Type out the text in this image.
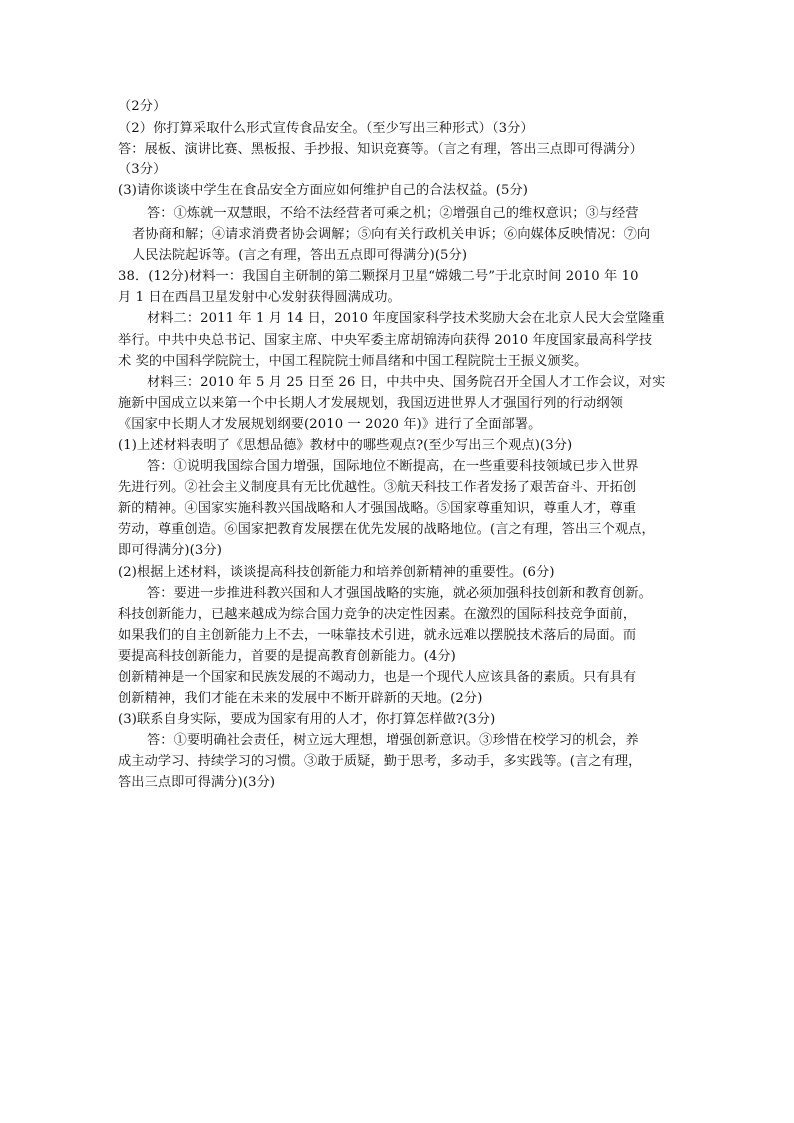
（2分）
（2）你打算采取什么形式宣传食品安全。（至少写出三种形式）（3分）
答：展板、演讲比赛、黑板报、手抄报、知识竞赛等。（言之有理，答出三点即可得满分）
（3分）
(3)请你谈谈中学生在食品安全方面应如何维护自己的合法权益。(5分)
答：①炼就一双慧眼，不给不法经营者可乘之机；②增强自己的维权意识；③与经营
者协商和解；④请求消费者协会调解；⑤向有关行政机关申诉；⑥向媒体反映情况：⑦向
人民法院起诉等。(言之有理，答出五点即可得满分)(5分)
38．(12分)材料一：我国自主研制的第二颗探月卫星“嫦娥二号”于北京时间 2010 年 10
月 1 日在西昌卫星发射中心发射获得圆满成功。
材料二：2011 年 1 月 14 日，2010 年度国家科学技术奖励大会在北京人民大会堂隆重
举行。中共中央总书记、国家主席、中央军委主席胡锦涛向获得 2010 年度国家最高科学技
术 奖的中国科学院院士，中国工程院院士师昌绪和中国工程院院士王振义颁奖。
材料三：2010 年 5 月 25 日至 26 日，中共中央、国务院召开全国人才工作会议，对实
施新中国成立以来第一个中长期人才发展规划，我国迈进世界人才强国行列的行动纲领
《国家中长期人才发展规划纲要(2010 一 2020 年)》进行了全面部署。
(1)上述材料表明了《思想品德》教材中的哪些观点?(至少写出三个观点)(3分)
答：①说明我国综合国力增强，国际地位不断提高，在一些重要科技领域已步入世界
先进行列。②社会主义制度具有无比优越性。③航天科技工作者发扬了艰苦奋斗、开拓创
新的精神。④国家实施科教兴国战略和人才强国战略。⑤国家尊重知识，尊重人才，尊重
劳动，尊重创造。⑥国家把教育发展摆在优先发展的战略地位。(言之有理，答出三个观点，
即可得满分)(3分)
(2)根据上述材料，谈谈提高科技创新能力和培养创新精神的重要性。(6分)
答：要进一步推进科教兴国和人才强国战略的实施，就必须加强科技创新和教育创新。
科技创新能力，已越来越成为综合国力竞争的决定性因素。在激烈的国际科技竞争面前，
如果我们的自主创新能力上不去，一味靠技术引进，就永远难以摆脱技术落后的局面。而
要提高科技创新能力，首要的是提高教育创新能力。(4分)
创新精神是一个国家和民族发展的不竭动力，也是一个现代人应该具备的素质。只有具有
创新精神，我们才能在未来的发展中不断开辟新的天地。(2分)
(3)联系自身实际，要成为国家有用的人才，你打算怎样做?(3分)
答：①要明确社会责任，树立远大理想，增强创新意识。③珍惜在校学习的机会，养
成主动学习、持续学习的习惯。③敢于质疑，勤于思考，多动手，多实践等。(言之有理，
答出三点即可得满分)(3分)
